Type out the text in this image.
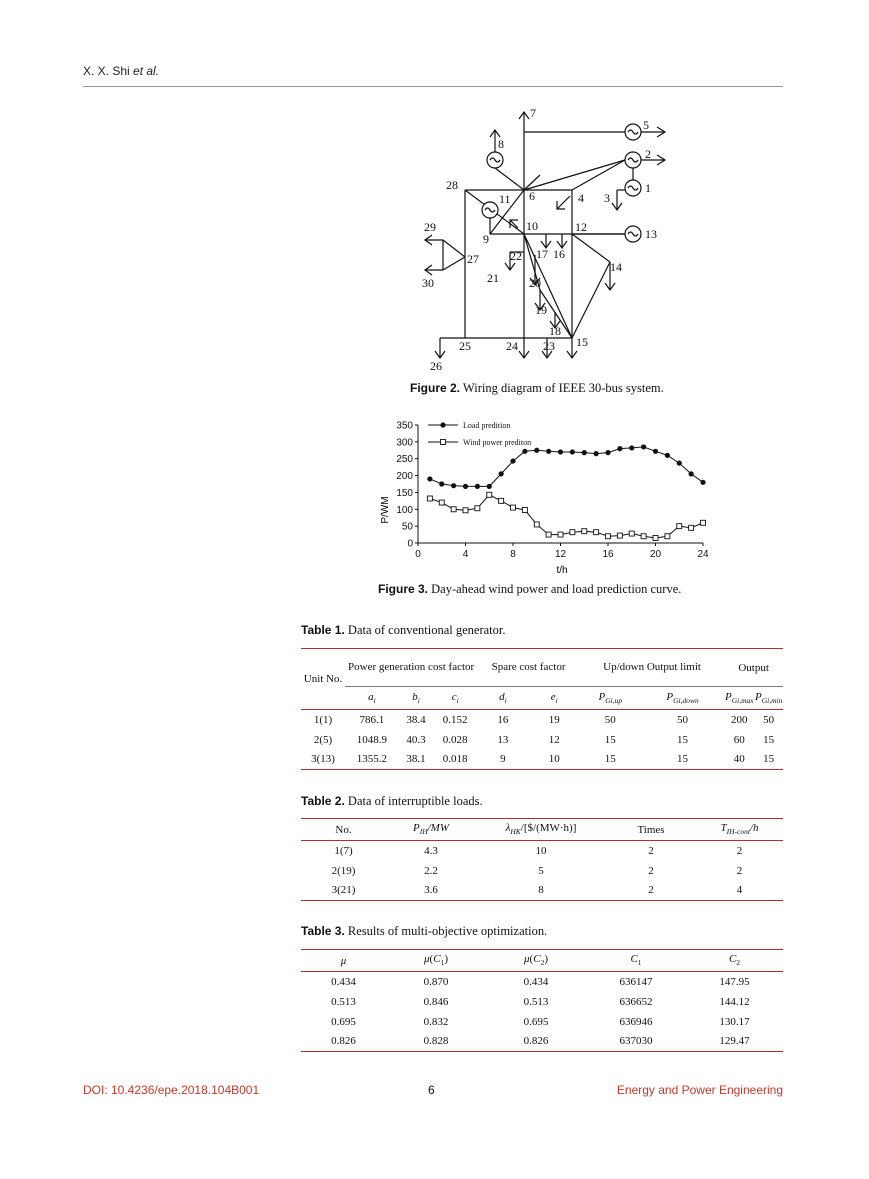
X. X. Shi et al.
1
2
3
4
5
6
7
8
9
10
11
12	13
14
15
16
17
18
19
20
21
22
23
24
25
26
27
28
29
30
Figure 2. Wiring diagram of IEEE 30-bus system.
0	4	8	12	16	20	24
0
50
100
150
200
250
300
350	Load predition
Wind power prediton
P/WM
t/h
Figure 3. Day-ahead wind power and load prediction curve.
Table 1. Data of conventional generator.
Unit No.	Power generation cost factor			Spare cost factor		Up/down Output limit		Output	
	$a_i$	$b_i$	$c_i$	$d_i$	$e_i$	$P_{Gi,up}$	$P_{Gi,down}$	$P_{Gi,max}$	$P_{Gi,min}$
1(1)	786.1	38.4	0.152	16	19	50	50	200	50
2(5)	1048.9	40.3	0.028	13	12	15	15	60	15
3(13)	1355.2	38.1	0.018	9	10	15	15	40	15
Table 2. Data of interruptible loads.
No.	$P_{IH}/MW$	$\lambda_{HK}/[\$/(MW\cdot h)]$	Times	$T_{IH-cont}/h$
1(7)	4.3	10	2	2
2(19)	2.2	5	2	2
3(21)	3.6	8	2	4
Table 3. Results of multi-objective optimization.
μ	$\mu(C_1)$	$\mu(C_2)$	$C_1$	$C_2$
0.434	0.870	0.434	636147	147.95
0.513	0.846	0.513	636652	144.12
0.695	0.832	0.695	636946	130.17
0.826	0.828	0.826	637030	129.47
DOI: 10.4236/epe.2018.104B001	6	Energy and Power Engineering
